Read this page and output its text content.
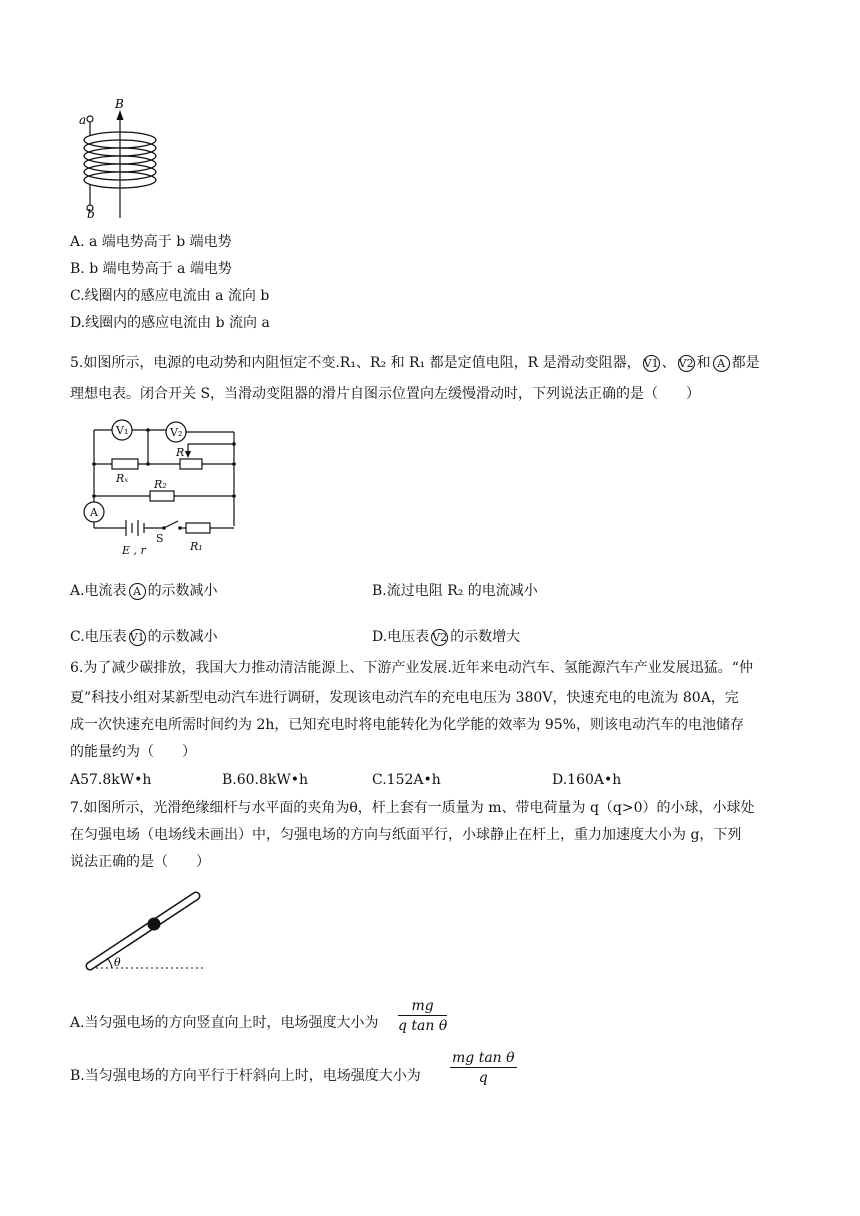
a
b
B
A. a 端电势高于 b 端电势
B. b 端电势高于 a 端电势
C.线圈内的感应电流由 a 流向 b
D.线圈内的感应电流由 b 流向 a
5.如图所示，电源的电动势和内阻恒定不变.R₁、R₂ 和 R₁ 都是定值电阻，R 是滑动变阻器， V1 、 V2 和 A 都是
理想电表。闭合开关 S，当滑动变阻器的滑片自图示位置向左缓慢滑动时，下列说法正确的是（　　）
V₁	V₂
A
R
Rₓ R₂
S
R₁
E , r
A.电流表 A 的示数减小	B.流过电阻 R₂ 的电流减小
C.电压表 V1 的示数减小	D.电压表 V2 的示数增大
6.为了减少碳排放，我国大力推动清洁能源上、下游产业发展.近年来电动汽车、氢能源汽车产业发展迅猛。“仲
夏”科技小组对某新型电动汽车进行调研，发现该电动汽车的充电电压为 380V，快速充电的电流为 80A，完
成一次快速充电所需时间约为 2h，已知充电时将电能转化为化学能的效率为 95%，则该电动汽车的电池储存
的能量约为（　　）
A57.8kW•h	B.60.8kW•h	C.152A•h	D.160A•h
7.如图所示，光滑绝缘细杆与水平面的夹角为θ，杆上套有一质量为 m、带电荷量为 q（q>0）的小球，小球处
在匀强电场（电场线未画出）中，匀强电场的方向与纸面平行，小球静止在杆上，重力加速度大小为 g，下列
说法正确的是（　　）
θ
A.当匀强电场的方向竖直向上时，电场强度大小为 $\frac{mg}{\text{q tan θ}}$
B.当匀强电场的方向平行于杆斜向上时，电场强度大小为 $\frac{\text{mg tan θ}}{q}$
